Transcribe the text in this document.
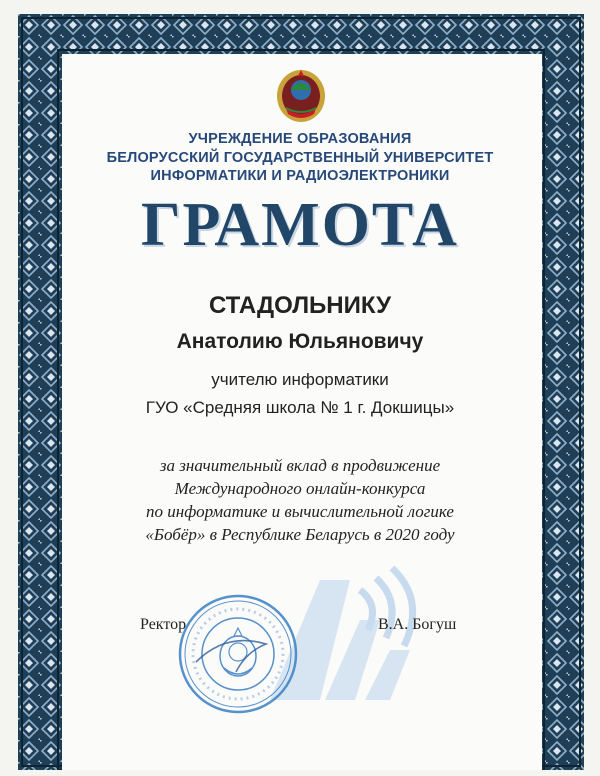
УЧРЕЖДЕНИЕ ОБРАЗОВАНИЯ
БЕЛОРУССКИЙ ГОСУДАРСТВЕННЫЙ УНИВЕРСИТЕТ
ИНФОРМАТИКИ И РАДИОЭЛЕКТРОНИКИ
ГРАМОТА
СТАДОЛЬНИКУ
Анатолию Юльяновичу
учителю информатики
ГУО «Средняя школа № 1 г. Докшицы»
за значительный вклад в продвижение
Международного онлайн-конкурса
по информатике и вычислительной логике
«Бобёр» в Республике Беларусь в 2020 году
Ректор	В.А. Богуш
